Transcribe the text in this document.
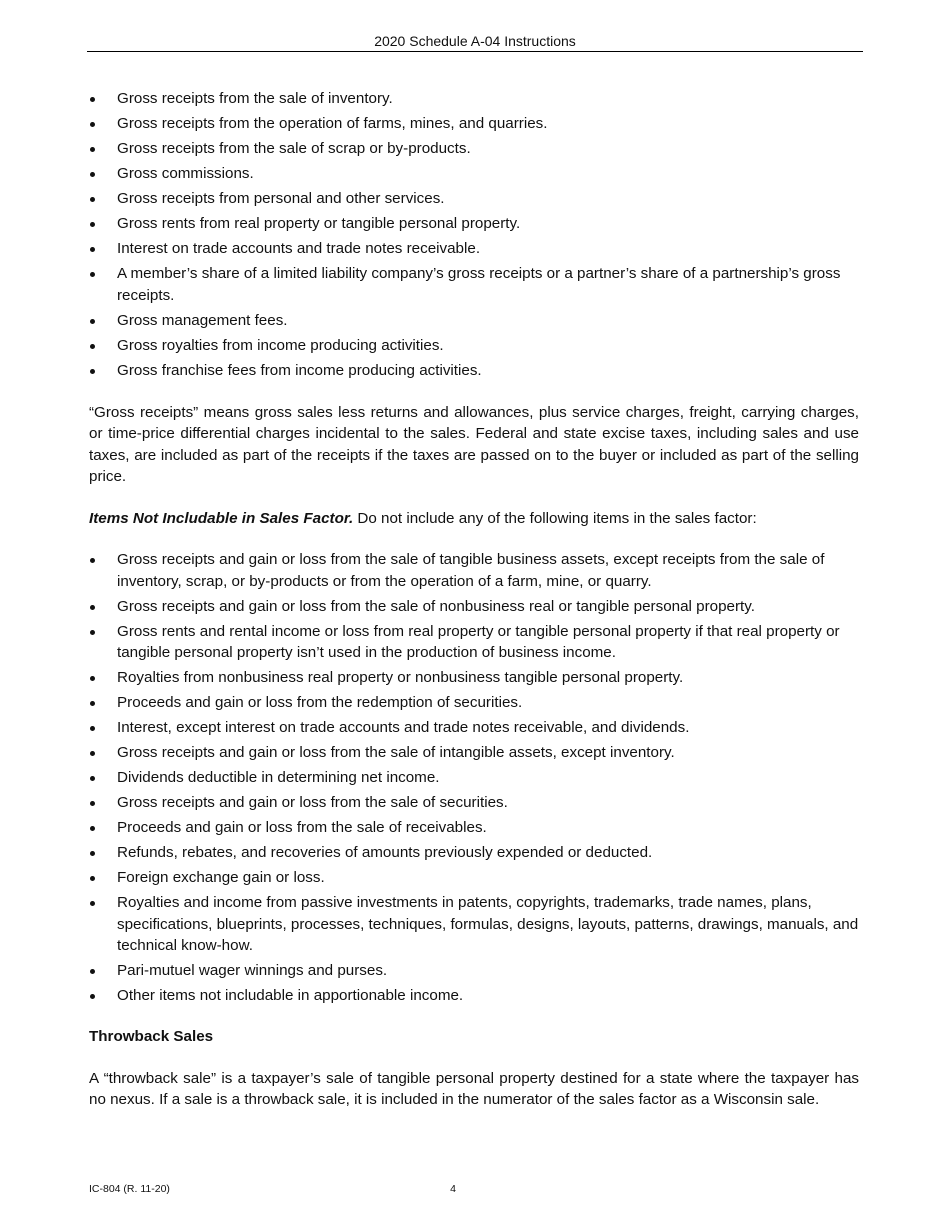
2020 Schedule A-04 Instructions
Gross receipts from the sale of inventory.
Gross receipts from the operation of farms, mines, and quarries.
Gross receipts from the sale of scrap or by-products.
Gross commissions.
Gross receipts from personal and other services.
Gross rents from real property or tangible personal property.
Interest on trade accounts and trade notes receivable.
A member’s share of a limited liability company’s gross receipts or a partner’s share of a partnership’s gross receipts.
Gross management fees.
Gross royalties from income producing activities.
Gross franchise fees from income producing activities.

“Gross receipts” means gross sales less returns and allowances, plus service charges, freight, carrying charges, or time-price differential charges incidental to the sales. Federal and state excise taxes, including sales and use taxes, are included as part of the receipts if the taxes are passed on to the buyer or included as part of the selling price.

Items Not Includable in Sales Factor. Do not include any of the following items in the sales factor:

Gross receipts and gain or loss from the sale of tangible business assets, except receipts from the sale of inventory, scrap, or by-products or from the operation of a farm, mine, or quarry.
Gross receipts and gain or loss from the sale of nonbusiness real or tangible personal property.
Gross rents and rental income or loss from real property or tangible personal property if that real property or tangible personal property isn’t used in the production of business income.
Royalties from nonbusiness real property or nonbusiness tangible personal property.
Proceeds and gain or loss from the redemption of securities.
Interest, except interest on trade accounts and trade notes receivable, and dividends.
Gross receipts and gain or loss from the sale of intangible assets, except inventory.
Dividends deductible in determining net income.
Gross receipts and gain or loss from the sale of securities.
Proceeds and gain or loss from the sale of receivables.
Refunds, rebates, and recoveries of amounts previously expended or deducted.
Foreign exchange gain or loss.
Royalties and income from passive investments in patents, copyrights, trademarks, trade names, plans, specifications, blueprints, processes, techniques, formulas, designs, layouts, patterns, drawings, manuals, and technical know-how.
Pari-mutuel wager winnings and purses.
Other items not includable in apportionable income.

Throwback Sales

A “throwback sale” is a taxpayer’s sale of tangible personal property destined for a state where the taxpayer has no nexus. If a sale is a throwback sale, it is included in the numerator of the sales factor as a Wisconsin sale.

IC-804 (R. 11-20)	4
